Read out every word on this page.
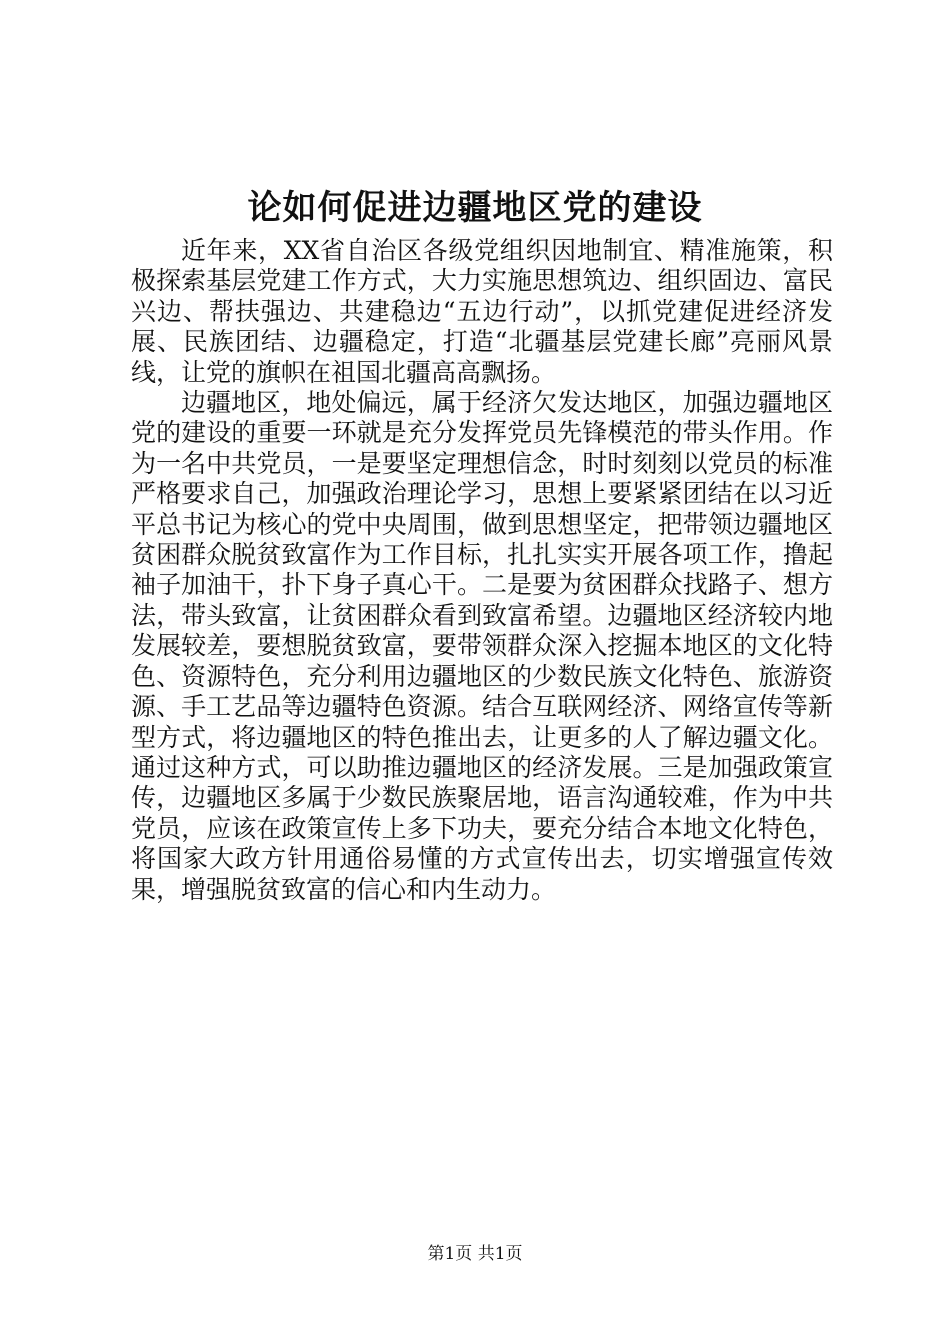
论如何促进边疆地区党的建设

近年来，XX省自治区各级党组织因地制宜、精准施策，积极探索基层党建工作方式，大力实施思想筑边、组织固边、富民兴边、帮扶强边、共建稳边“五边行动”，以抓党建促进经济发展、民族团结、边疆稳定，打造“北疆基层党建长廊”亮丽风景线，让党的旗帜在祖国北疆高高飘扬。

边疆地区，地处偏远，属于经济欠发达地区，加强边疆地区党的建设的重要一环就是充分发挥党员先锋模范的带头作用。作为一名中共党员，一是要坚定理想信念，时时刻刻以党员的标准严格要求自己，加强政治理论学习，思想上要紧紧团结在以习近平总书记为核心的党中央周围，做到思想坚定，把带领边疆地区贫困群众脱贫致富作为工作目标，扎扎实实开展各项工作，撸起袖子加油干，扑下身子真心干。二是要为贫困群众找路子、想方法，带头致富，让贫困群众看到致富希望。边疆地区经济较内地发展较差，要想脱贫致富，要带领群众深入挖掘本地区的文化特色、资源特色，充分利用边疆地区的少数民族文化特色、旅游资源、手工艺品等边疆特色资源。结合互联网经济、网络宣传等新型方式，将边疆地区的特色推出去，让更多的人了解边疆文化。通过这种方式，可以助推边疆地区的经济发展。三是加强政策宣传，边疆地区多属于少数民族聚居地，语言沟通较难，作为中共党员，应该在政策宣传上多下功夫，要充分结合本地文化特色，将国家大政方针用通俗易懂的方式宣传出去，切实增强宣传效果，增强脱贫致富的信心和内生动力。

第1页 共1页
